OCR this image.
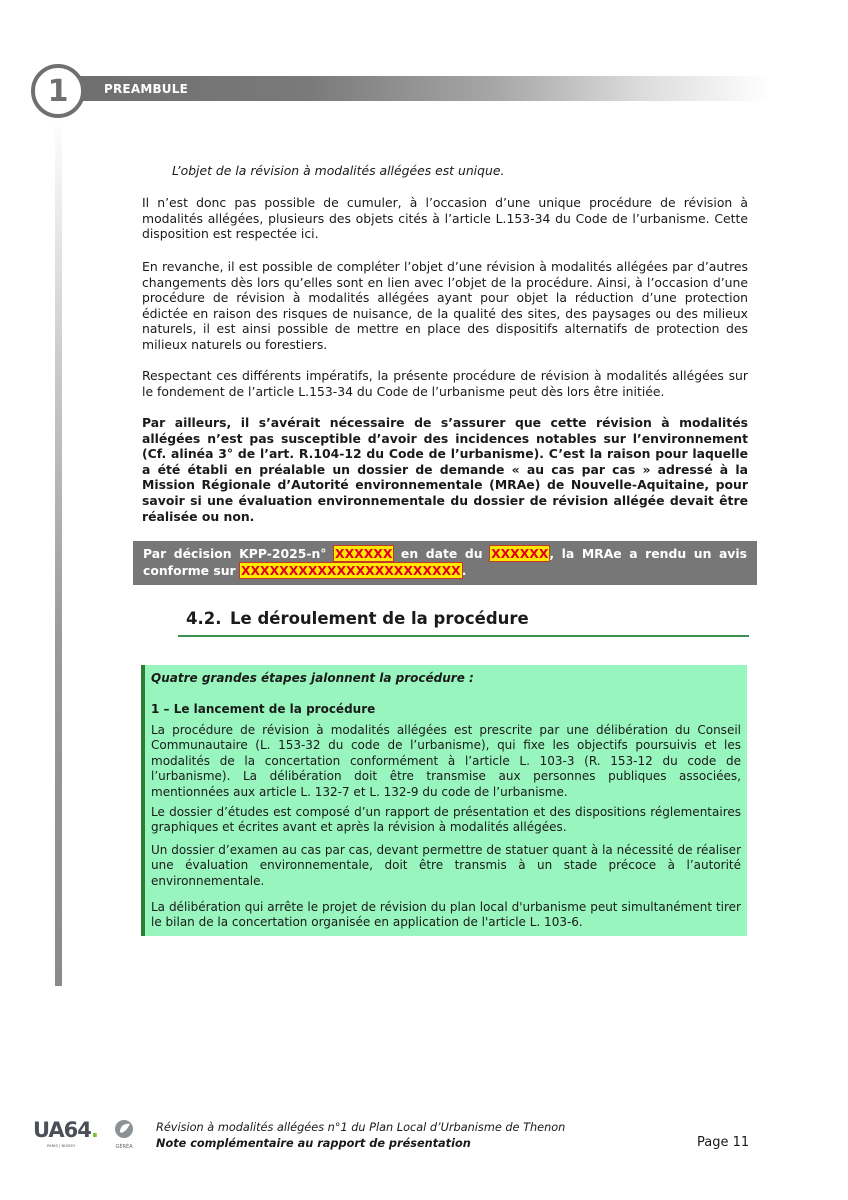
PREAMBULE
1

L’objet de la révision à modalités allégées est unique.

Il n’est donc pas possible de cumuler, à l’occasion d’une unique procédure de révision à modalités allégées, plusieurs des objets cités à l’article L.153-34 du Code de l’urbanisme. Cette disposition est respectée ici.

En revanche, il est possible de compléter l’objet d’une révision à modalités allégées par d’autres changements dès lors qu’elles sont en lien avec l’objet de la procédure. Ainsi, à l’occasion d’une procédure de révision à modalités allégées ayant pour objet la réduction d’une protection édictée en raison des risques de nuisance, de la qualité des sites, des paysages ou des milieux naturels, il est ainsi possible de mettre en place des dispositifs alternatifs de protection des milieux naturels ou forestiers.

Respectant ces différents impératifs, la présente procédure de révision à modalités allégées sur le fondement de l’article L.153-34 du Code de l’urbanisme peut dès lors être initiée.

Par ailleurs, il s’avérait nécessaire de s’assurer que cette révision à modalités allégées n’est pas susceptible d’avoir des incidences notables sur l’environnement (Cf. alinéa 3° de l’art. R.104-12 du Code de l’urbanisme). C’est la raison pour laquelle a été établi en préalable un dossier de demande « au cas par cas » adressé à la Mission Régionale d’Autorité environnementale (MRAe) de Nouvelle-Aquitaine, pour savoir si une évaluation environnementale du dossier de révision allégée devait être réalisée ou non.

Par décision KPP-2025-n° XXXXXX en date du XXXXXX, la MRAe a rendu un avis conforme sur XXXXXXXXXXXXXXXXXXXXXXX.
4.2. Le déroulement de la procédure

Quatre grandes étapes jalonnent la procédure :

1 – Le lancement de la procédure

La procédure de révision à modalités allégées est prescrite par une délibération du Conseil Communautaire (L. 153-32 du code de l’urbanisme), qui fixe les objectifs poursuivis et les modalités de la concertation conformément à l’article L. 103-3 (R. 153-12 du code de l’urbanisme). La délibération doit être transmise aux personnes publiques associées, mentionnées aux article L. 132-7 et L. 132-9 du code de l’urbanisme.

Le dossier d’études est composé d’un rapport de présentation et des dispositions réglementaires graphiques et écrites avant et après la révision à modalités allégées.

Un dossier d’examen au cas par cas, devant permettre de statuer quant à la nécessité de réaliser une évaluation environnementale, doit être transmis à un stade précoce à l’autorité environnementale.

La délibération qui arrête le projet de révision du plan local d'urbanisme peut simultanément tirer le bilan de la concertation organisée en application de l'article L. 103-6.

UA64.
PARIS | BOISSY	GÉRÉA
Révision à modalités allégées n°1 du Plan Local d’Urbanisme de Thenon
Note complémentaire au rapport de présentation	Page 11
